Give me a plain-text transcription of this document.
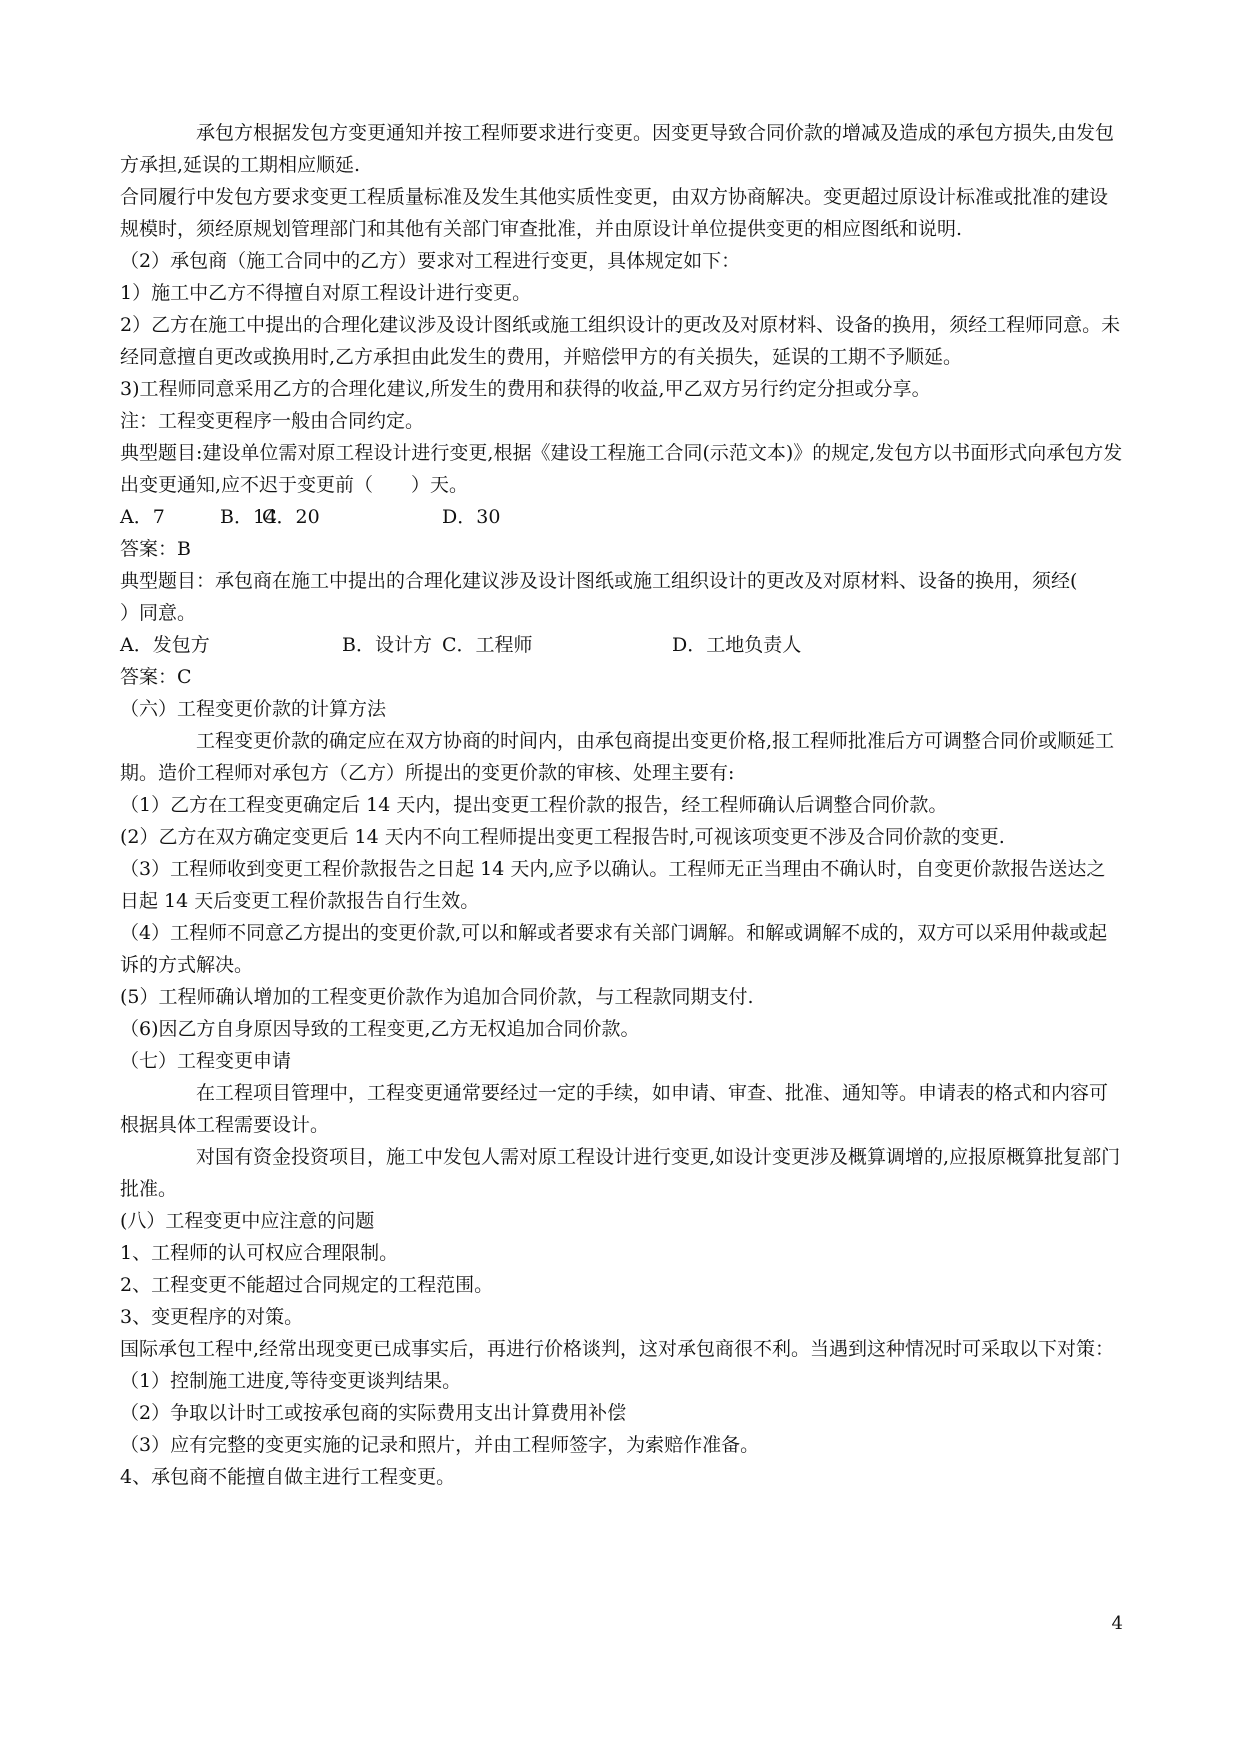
承包方根据发包方变更通知并按工程师要求进行变更。因变更导致合同价款的增减及造成的承包方损失,由发包方承担,延误的工期相应顺延.

合同履行中发包方要求变更工程质量标准及发生其他实质性变更，由双方协商解决。变更超过原设计标准或批准的建设规模时，须经原规划管理部门和其他有关部门审查批准，并由原设计单位提供变更的相应图纸和说明.

（2）承包商（施工合同中的乙方）要求对工程进行变更，具体规定如下：

1）施工中乙方不得擅自对原工程设计进行变更。

2）乙方在施工中提出的合理化建议涉及设计图纸或施工组织设计的更改及对原材料、设备的换用，须经工程师同意。未经同意擅自更改或换用时,乙方承担由此发生的费用，并赔偿甲方的有关损失，延误的工期不予顺延。

3)工程师同意采用乙方的合理化建议,所发生的费用和获得的收益,甲乙双方另行约定分担或分享。

注：工程变更程序一般由合同约定。

典型题目:建设单位需对原工程设计进行变更,根据《建设工程施工合同(示范文本)》的规定,发包方以书面形式向承包方发出变更通知,应不迟于变更前（　　）天。

A．7	B．14
C．20	D．30

答案：B

典型题目：承包商在施工中提出的合理化建议涉及设计图纸或施工组织设计的更改及对原材料、设备的换用，须经(　　）同意。

A．发包方	B．设计方 C．工程师	D．工地负责人

答案：C

（六）工程变更价款的计算方法

工程变更价款的确定应在双方协商的时间内，由承包商提出变更价格,报工程师批准后方可调整合同价或顺延工期。造价工程师对承包方（乙方）所提出的变更价款的审核、处理主要有:

（1）乙方在工程变更确定后 14 天内，提出变更工程价款的报告，经工程师确认后调整合同价款。

(2）乙方在双方确定变更后 14 天内不向工程师提出变更工程报告时,可视该项变更不涉及合同价款的变更.

（3）工程师收到变更工程价款报告之日起 14 天内,应予以确认。工程师无正当理由不确认时，自变更价款报告送达之日起 14 天后变更工程价款报告自行生效。

（4）工程师不同意乙方提出的变更价款,可以和解或者要求有关部门调解。和解或调解不成的，双方可以采用仲裁或起诉的方式解决。

(5）工程师确认增加的工程变更价款作为追加合同价款，与工程款同期支付.

（6)因乙方自身原因导致的工程变更,乙方无权追加合同价款。

（七）工程变更申请

在工程项目管理中，工程变更通常要经过一定的手续，如申请、审查、批准、通知等。申请表的格式和内容可根据具体工程需要设计。

对国有资金投资项目，施工中发包人需对原工程设计进行变更,如设计变更涉及概算调增的,应报原概算批复部门批准。

(八）工程变更中应注意的问题

1、工程师的认可权应合理限制。

2、工程变更不能超过合同规定的工程范围。

3、变更程序的对策。

国际承包工程中,经常出现变更已成事实后，再进行价格谈判，这对承包商很不利。当遇到这种情况时可采取以下对策：

（1）控制施工进度,等待变更谈判结果。

（2）争取以计时工或按承包商的实际费用支出计算费用补偿

（3）应有完整的变更实施的记录和照片，并由工程师签字，为索赔作准备。

4、承包商不能擅自做主进行工程变更。

4
